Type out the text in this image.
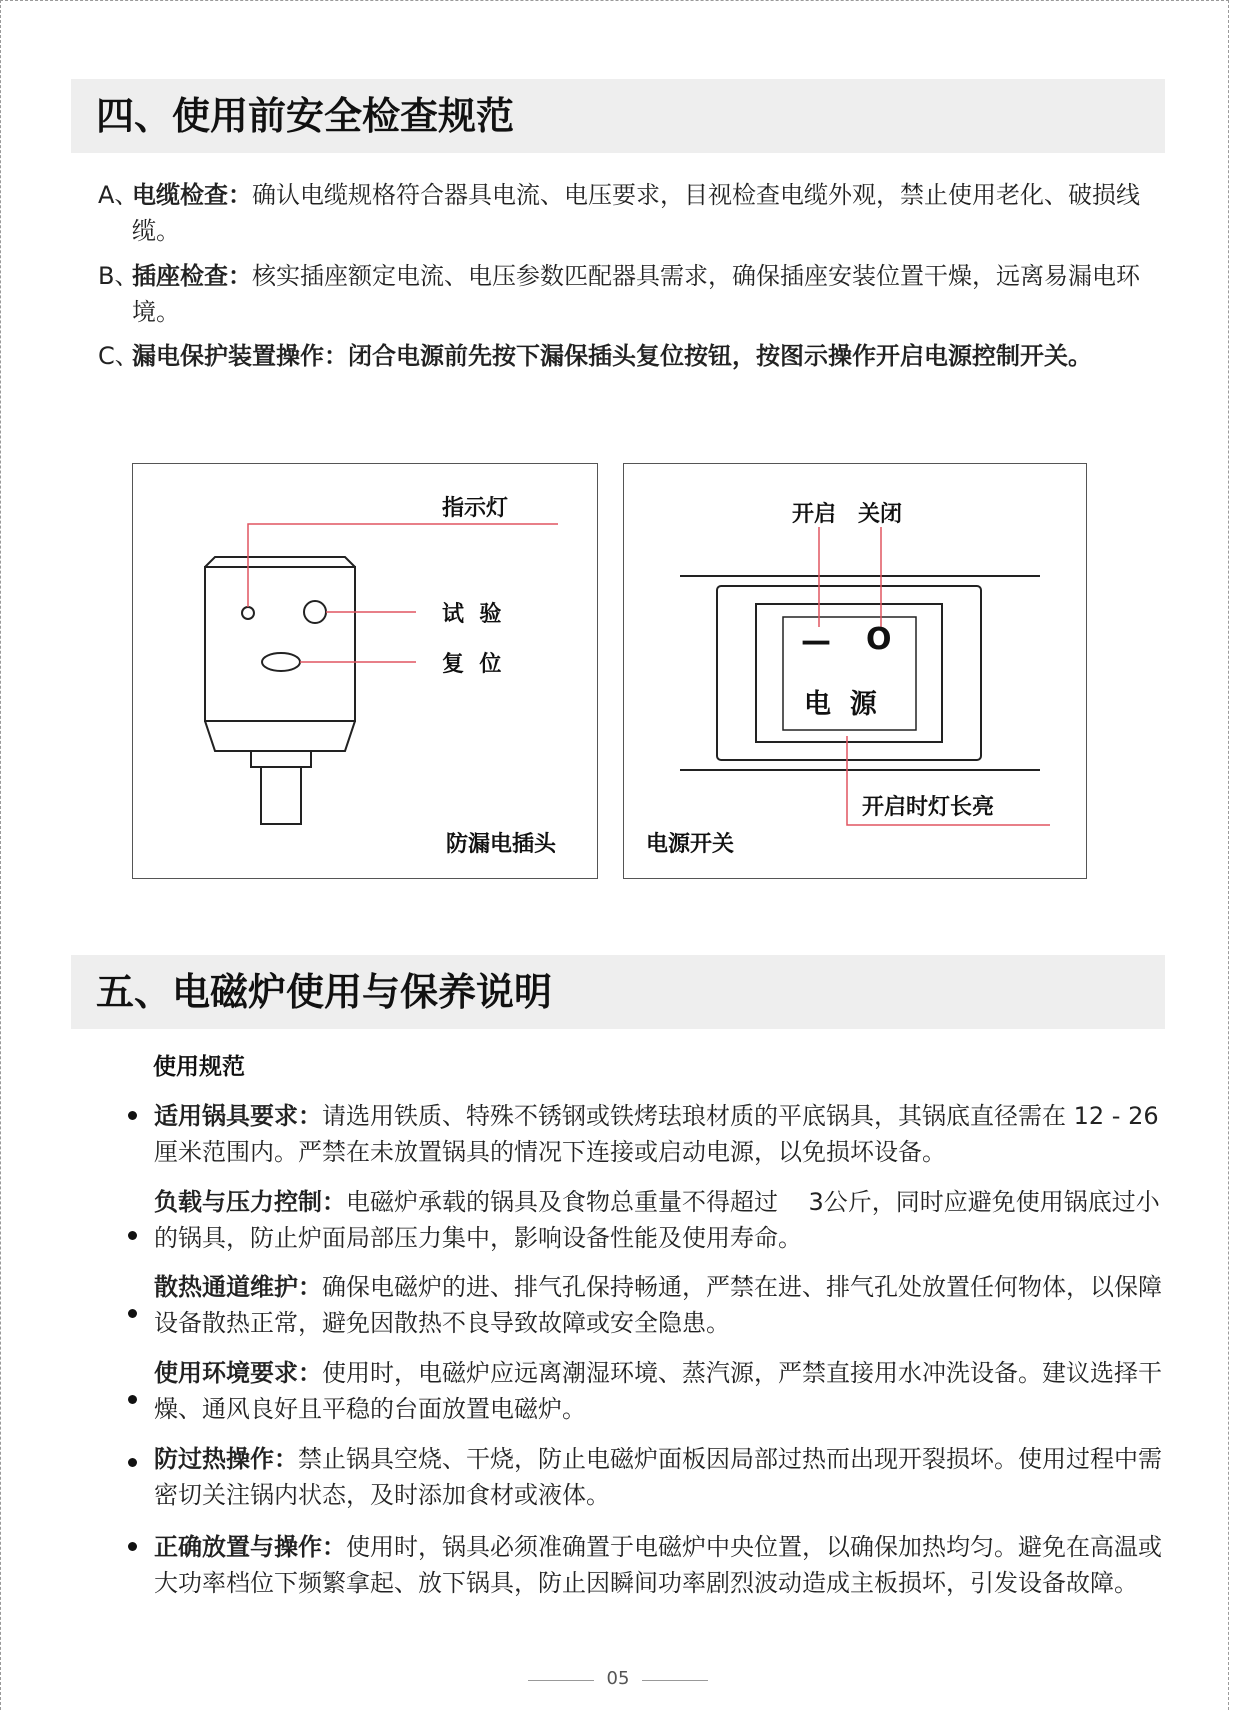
四、使用前安全检查规范
A、
电缆检查：确认电缆规格符合器具电流、电压要求，目视检查电缆外观，禁止使用老化、破损线缆。
B、
插座检查：核实插座额定电流、电压参数匹配器具需求，确保插座安装位置干燥，远离易漏电环境。
C、
漏电保护装置操作：闭合电源前先按下漏保插头复位按钮，按图示操作开启电源控制开关。
指示灯
试  验
复  位
防漏电插头
开启 关闭
— O
电  源
开启时灯长亮
电源开关
五、电磁炉使用与保养说明
使用规范
适用锅具要求：请选用铁质、特殊不锈钢或铁烤珐琅材质的平底锅具，其锅底直径需在 12 - 26 厘米范围内。严禁在未放置锅具的情况下连接或启动电源，以免损坏设备。
负载与压力控制：电磁炉承载的锅具及食物总重量不得超过    3公斤，同时应避免使用锅底过小的锅具，防止炉面局部压力集中，影响设备性能及使用寿命。
散热通道维护：确保电磁炉的进、排气孔保持畅通，严禁在进、排气孔处放置任何物体，以保障设备散热正常，避免因散热不良导致故障或安全隐患。
使用环境要求：使用时，电磁炉应远离潮湿环境、蒸汽源，严禁直接用水冲洗设备。建议选择干燥、通风良好且平稳的台面放置电磁炉。
防过热操作：禁止锅具空烧、干烧，防止电磁炉面板因局部过热而出现开裂损坏。使用过程中需密切关注锅内状态，及时添加食材或液体。
正确放置与操作：使用时，锅具必须准确置于电磁炉中央位置，以确保加热均匀。避免在高温或大功率档位下频繁拿起、放下锅具，防止因瞬间功率剧烈波动造成主板损坏，引发设备故障。
05
